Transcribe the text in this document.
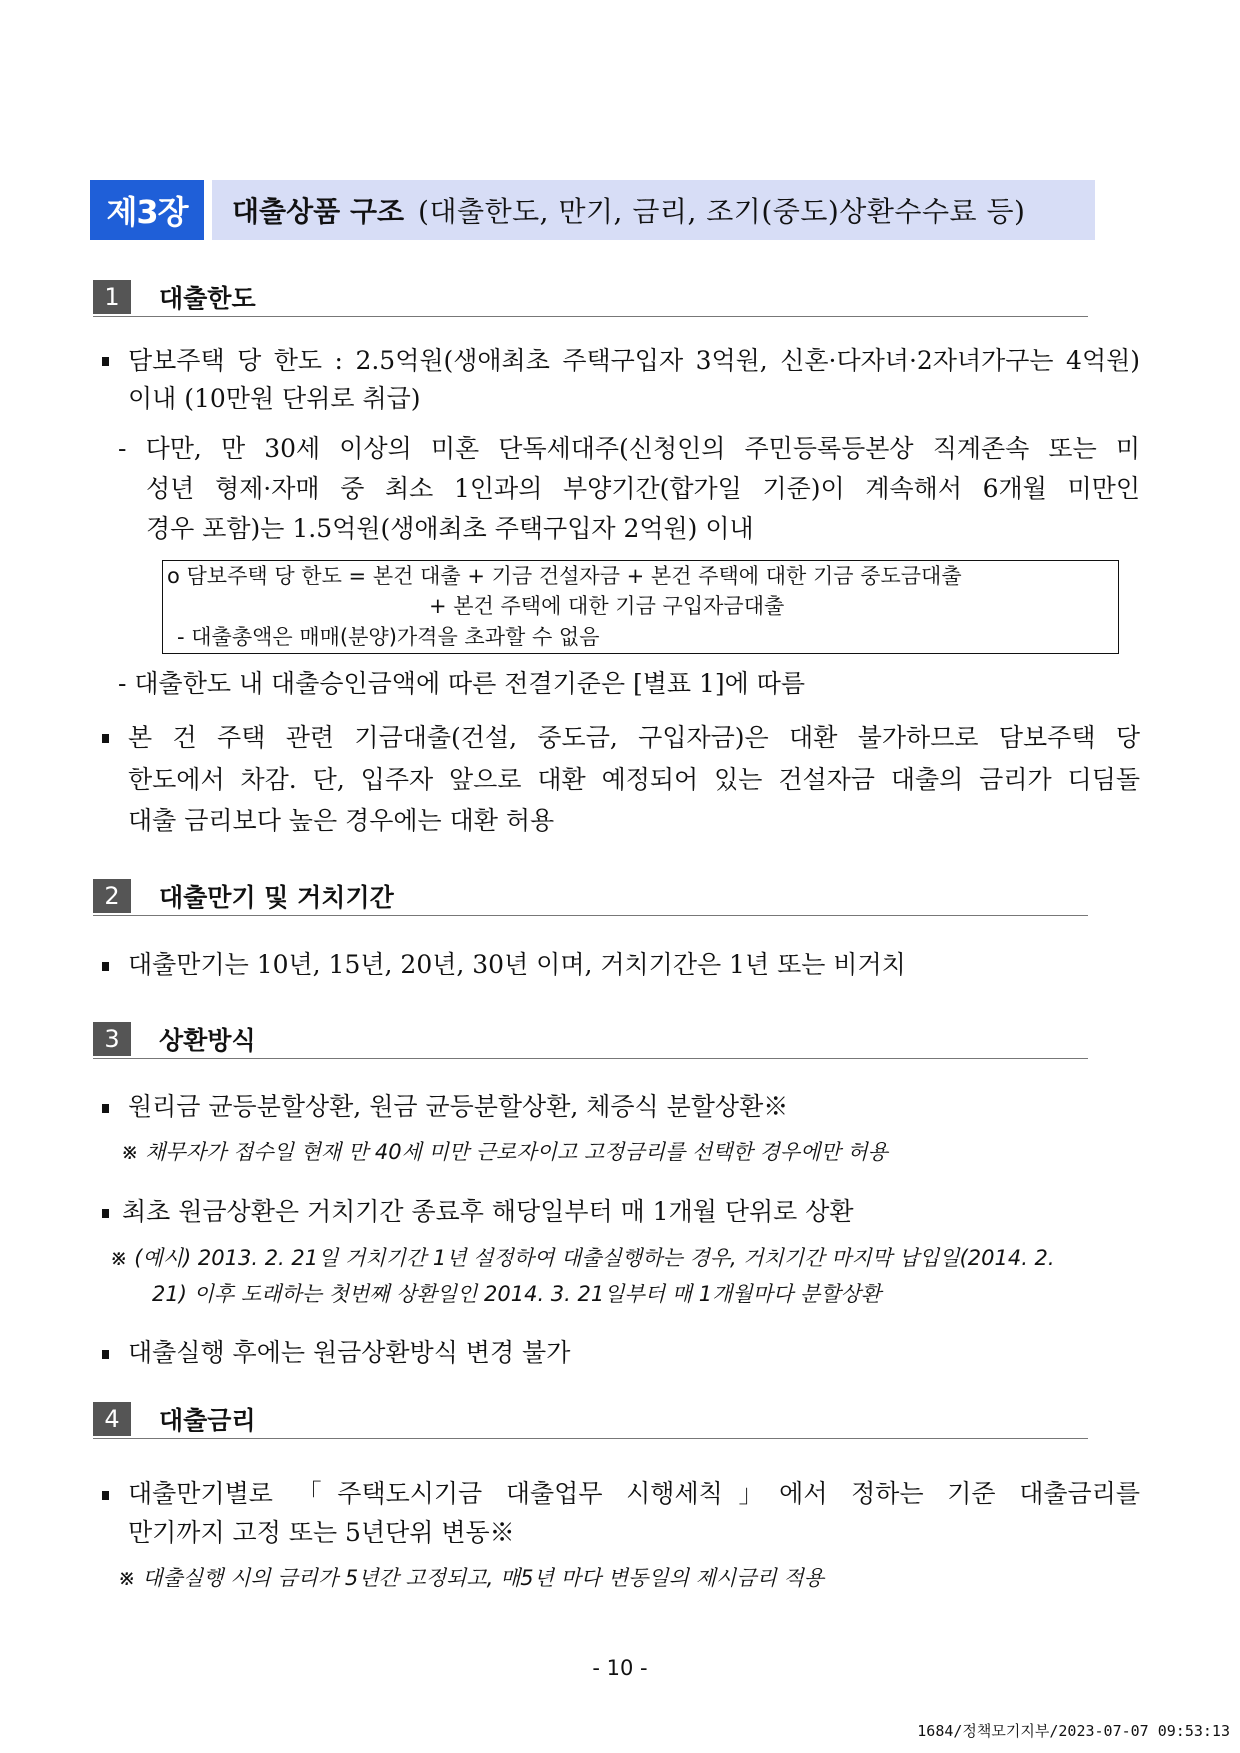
제3장	대출상품 구조 (대출한도, 만기, 금리, 조기(중도)상환수수료 등)
1	대출한도
담보주택 당 한도 : 2.5억원(생애최초 주택구입자 3억원, 신혼·다자녀·2자녀가구는 4억원)
이내 (10만원 단위로 취급)
- 다만, 만 30세 이상의 미혼 단독세대주(신청인의 주민등록등본상 직계존속 또는 미
성년 형제·자매 중 최소 1인과의 부양기간(합가일 기준)이 계속해서 6개월 미만인
경우 포함)는 1.5억원(생애최초 주택구입자 2억원) 이내
o 담보주택 당 한도 = 본건 대출 + 기금 건설자금 + 본건 주택에 대한 기금 중도금대출
+ 본건 주택에 대한 기금 구입자금대출
- 대출총액은 매매(분양)가격을 초과할 수 없음
- 대출한도 내 대출승인금액에 따른 전결기준은 [별표 1]에 따름
본 건 주택 관련 기금대출(건설, 중도금, 구입자금)은 대환 불가하므로 담보주택 당
한도에서 차감. 단, 입주자 앞으로 대환 예정되어 있는 건설자금 대출의 금리가 디딤돌
대출 금리보다 높은 경우에는 대환 허용
2	대출만기 및 거치기간
대출만기는 10년, 15년, 20년, 30년 이며, 거치기간은 1년 또는 비거치
3	상환방식
원리금 균등분할상환, 원금 균등분할상환, 체증식 분할상환※
※ 채무자가 접수일 현재 만 40세 미만 근로자이고 고정금리를 선택한 경우에만 허용
최초 원금상환은 거치기간 종료후 해당일부터 매 1개월 단위로 상환
※ (예시) 2013. 2. 21일 거치기간 1년 설정하여 대출실행하는 경우, 거치기간 마지막 납입일(2014. 2.
21) 이후 도래하는 첫번째 상환일인 2014. 3. 21일부터 매 1개월마다 분할상환
대출실행 후에는 원금상환방식 변경 불가
4	대출금리
대출만기별로 「주택도시기금 대출업무 시행세칙」에서 정하는 기준 대출금리를
만기까지 고정 또는 5년단위 변동※
※ 대출실행 시의 금리가 5년간 고정되고, 매5년 마다 변동일의 제시금리 적용
- 10 -
1684/정책모기지부/2023-07-07 09:53:13
